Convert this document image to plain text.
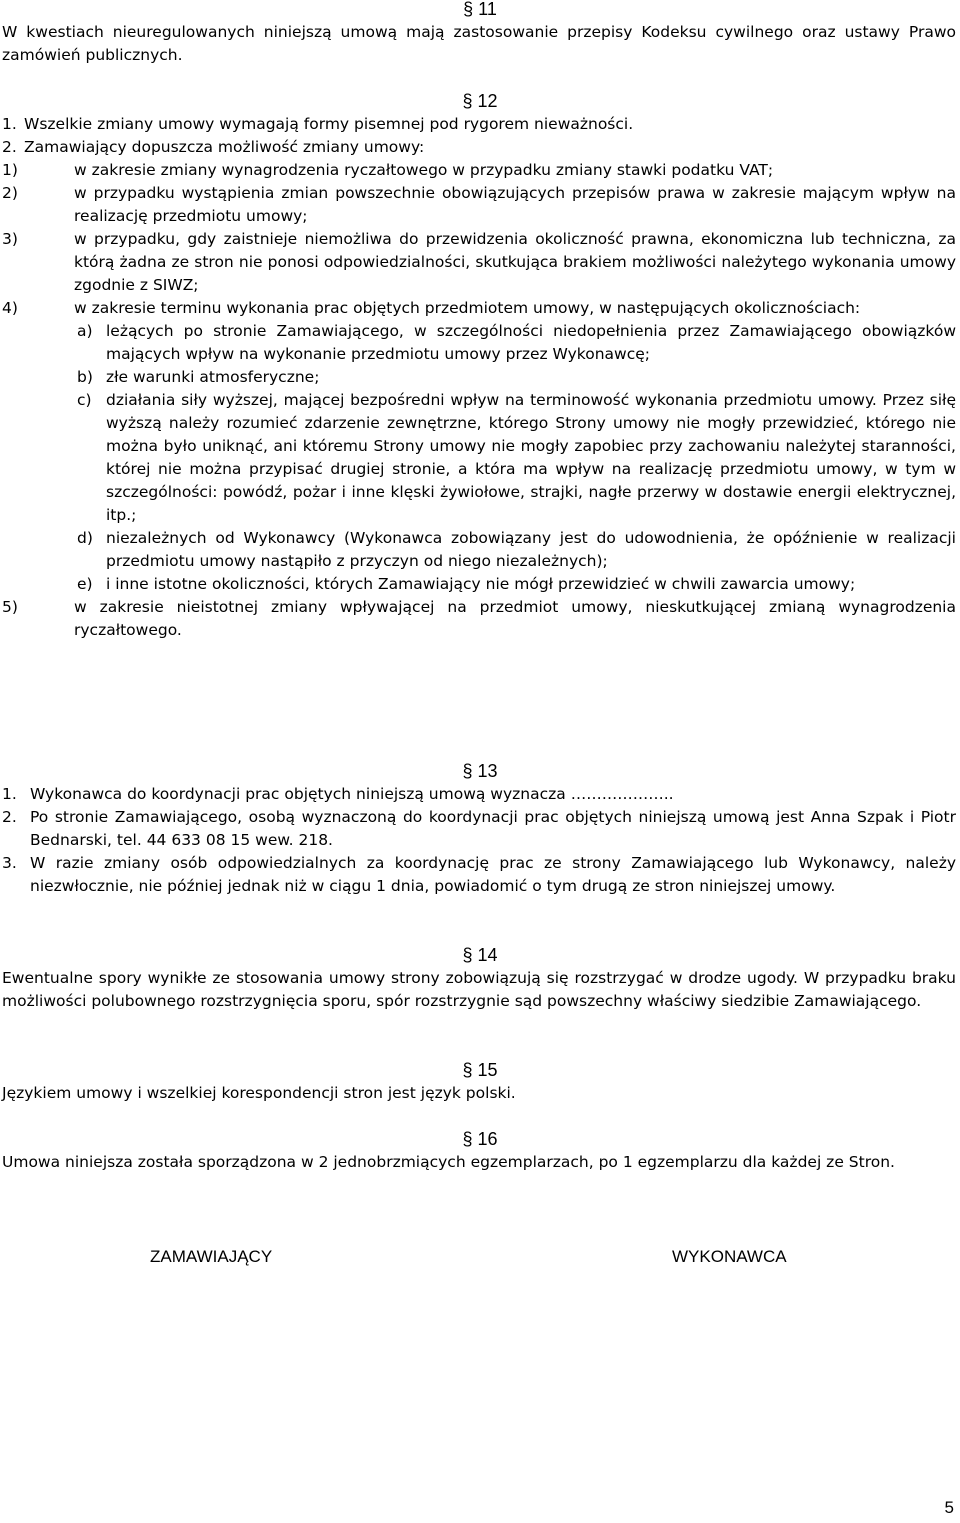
§ 11

W kwestiach nieuregulowanych niniejszą umową mają zastosowanie przepisy Kodeksu cywilnego oraz ustawy Prawo zamówień publicznych.

§ 12
1. Wszelkie zmiany umowy wymagają formy pisemnej pod rygorem nieważności.
2. Zamawiający dopuszcza możliwość zmiany umowy:
1)	w zakresie zmiany wynagrodzenia ryczałtowego w przypadku zmiany stawki podatku VAT;
2)	w przypadku wystąpienia zmian powszechnie obowiązujących przepisów prawa w zakresie mającym wpływ na realizację przedmiotu umowy;
3)	w przypadku, gdy zaistnieje niemożliwa do przewidzenia okoliczność prawna, ekonomiczna lub techniczna, za którą żadna ze stron nie ponosi odpowiedzialności, skutkująca brakiem możliwości należytego wykonania umowy zgodnie z SIWZ;
4)	w zakresie terminu wykonania prac objętych przedmiotem umowy, w następujących okolicznościach:
a) leżących po stronie Zamawiającego, w szczególności niedopełnienia przez Zamawiającego obowiązków mających wpływ na wykonanie przedmiotu umowy przez Wykonawcę;
b) złe warunki atmosferyczne;
c) działania siły wyższej, mającej bezpośredni wpływ na terminowość wykonania przedmiotu umowy. Przez siłę wyższą należy rozumieć zdarzenie zewnętrzne, którego Strony umowy nie mogły przewidzieć, którego nie można było uniknąć, ani któremu Strony umowy nie mogły zapobiec przy zachowaniu należytej staranności, której nie można przypisać drugiej stronie, a która ma wpływ na realizację przedmiotu umowy, w tym w szczególności: powódź, pożar i inne klęski żywiołowe, strajki, nagłe przerwy w dostawie energii elektrycznej, itp.;
d) niezależnych od Wykonawcy (Wykonawca zobowiązany jest do udowodnienia, że opóźnienie w realizacji przedmiotu umowy nastąpiło z przyczyn od niego niezależnych);
e) i inne istotne okoliczności, których Zamawiający nie mógł przewidzieć w chwili zawarcia umowy;
5)	w zakresie nieistotnej zmiany wpływającej na przedmiot umowy, nieskutkującej zmianą wynagrodzenia ryczałtowego.
§ 13
1. Wykonawca do koordynacji prac objętych niniejszą umową wyznacza ………………..
2. Po stronie Zamawiającego, osobą wyznaczoną do koordynacji prac objętych niniejszą umową jest Anna Szpak i Piotr Bednarski, tel. 44 633 08 15 wew. 218.
3. W razie zmiany osób odpowiedzialnych za koordynację prac ze strony Zamawiającego lub Wykonawcy, należy niezwłocznie, nie później jednak niż w ciągu 1 dnia, powiadomić o tym drugą ze stron niniejszej umowy.
§ 14

Ewentualne spory wynikłe ze stosowania umowy strony zobowiązują się rozstrzygać w drodze ugody. W przypadku braku możliwości polubownego rozstrzygnięcia sporu, spór rozstrzygnie sąd powszechny właściwy siedzibie Zamawiającego.

§ 15

Językiem umowy i wszelkiej korespondencji stron jest język polski.

§ 16

Umowa niniejsza została sporządzona w 2 jednobrzmiących egzemplarzach, po 1 egzemplarzu dla każdej ze Stron.

ZAMAWIAJĄCY	WYKONAWCA
5
